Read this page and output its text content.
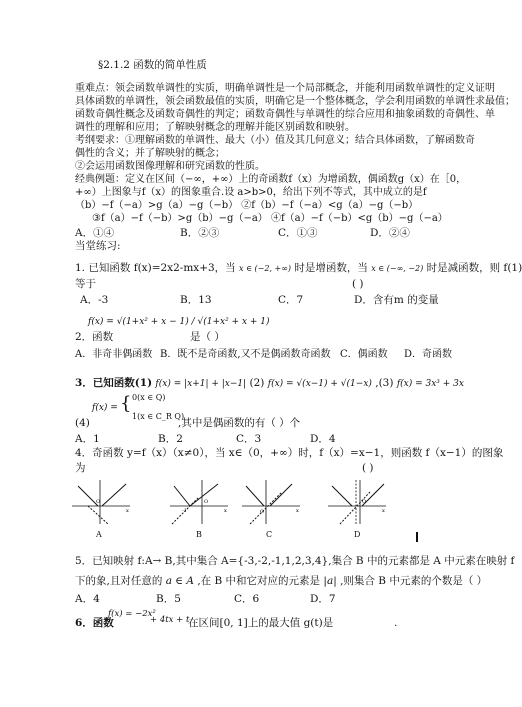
§2.1.2 函数的简单性质
重难点：领会函数单调性的实质，明确单调性是一个局部概念，并能利用函数单调性的定义证明
具体函数的单调性，领会函数最值的实质，明确它是一个整体概念，学会利用函数的单调性求最值；
函数奇偶性概念及函数奇偶性的判定；函数奇偶性与单调性的综合应用和抽象函数的奇偶性、单
调性的理解和应用；了解映射概念的理解并能区别函数和映射。
考纲要求：①理解函数的单调性、最大（小）值及其几何意义；结合具体函数，了解函数奇
偶性的含义；并了解映射的概念；
②会运用函数图像理解和研究函数的性质。
经典例题：定义在区间（−∞，+∞）上的奇函数f（x）为增函数，偶函数g（x）在［0，
+∞）上图象与f（x）的图象重合.设 a>b>0，给出下列不等式，其中成立的是f
（b）−f（−a）>g（a）−g（−b） ②f（b）−f（−a）<g（a）−g（−b）
③f（a）−f（−b）>g（b）−g（−a） ④f（a）−f（−b）<g（b）−g（−a）
A．①④	B．②③	C．①③	D．②④
当堂练习:
1. 已知函数 f(x)=2x2-mx+3，当 x ∈ (−2, +∞) 时是增函数，当 x ∈ (−∞, −2) 时是减函数，则 f(1)
等于	( )
A．-3	B．13	C．7	D．含有m 的变量
f(x) = √(1+x² + x − 1) / √(1+x² + x + 1)
2．函数	是（ ）
A．非奇非偶函数 B．既不是奇函数,又不是偶函数奇函数 C．偶函数 D．奇函数
3．已知函数(1) f(x) = |x+1| + |x−1| (2) f(x) = √(x−1) + √(1−x) ,(3) f(x) = 3x³ + 3x
f(x) = { 0(x ∈ Q)
1(x ∈ C_R Q)
(4)	,其中是偶函数的有（ ）个
A．1	B．2	C．3	D．4
4．奇函数 y=f（x）（x≠0），当 x∈（0，+∞）时，f（x）=x−1，则函数 f（x−1）的图象
为	( )
O
x	-1
O
x	O	x
O
x
A	B	C	D
5．已知映射 f:A→ B,其中集合 A={-3,-2,-1,1,2,3,4},集合 B 中的元素都是 A 中元素在映射 f
下的象,且对任意的 a ∈ A ,在 B 中和它对应的元素是 |a| ,则集合 B 中元素的个数是（ ）
A．4	B．5	C．6	D．7
f(x) = −2x²
6．函数	+ 4tx + t
在区间[0, 1]上的最大值 g(t)是	.
